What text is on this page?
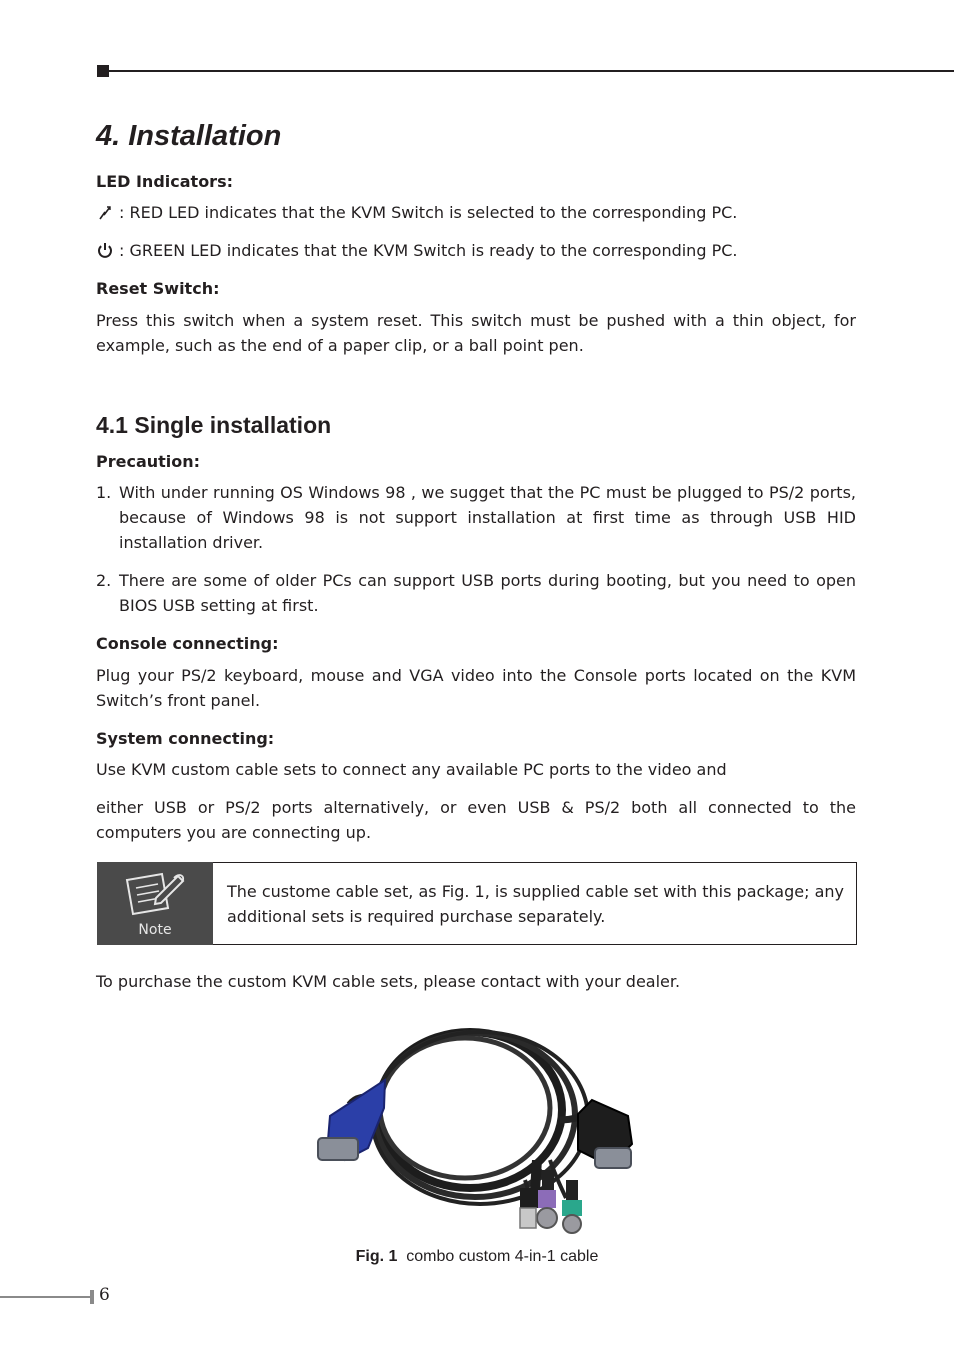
4. Installation
LED Indicators:
: RED LED indicates that the KVM Switch is selected to the corresponding PC.
: GREEN LED indicates that the KVM Switch is ready to the corresponding PC.
Reset Switch:
Press this switch when a system reset. This switch must be pushed with a thin object, for example, such as the end of a paper clip, or a ball point pen.
4.1 Single installation
Precaution:
1. With under running OS Windows 98 , we sugget that the PC must be plugged to PS/2 ports, because of Windows 98 is not support installation at first time as through USB HID installation driver.
2. There are some of older PCs can support USB ports during booting, but you need to open BIOS USB setting at first.
Console connecting:
Plug your PS/2 keyboard, mouse and VGA video into the Console ports located on the KVM Switch’s front panel.
System connecting:
Use KVM custom cable sets to connect any available PC ports to the video and
either USB or PS/2 ports alternatively, or even USB & PS/2 both all connected to the computers you are connecting up.
Note
The custome cable set, as Fig. 1, is supplied cable set with this package; any additional sets is required purchase separately.
To purchase the custom KVM cable sets, please contact with your dealer.
Fig. 1 combo custom 4-in-1 cable
6
